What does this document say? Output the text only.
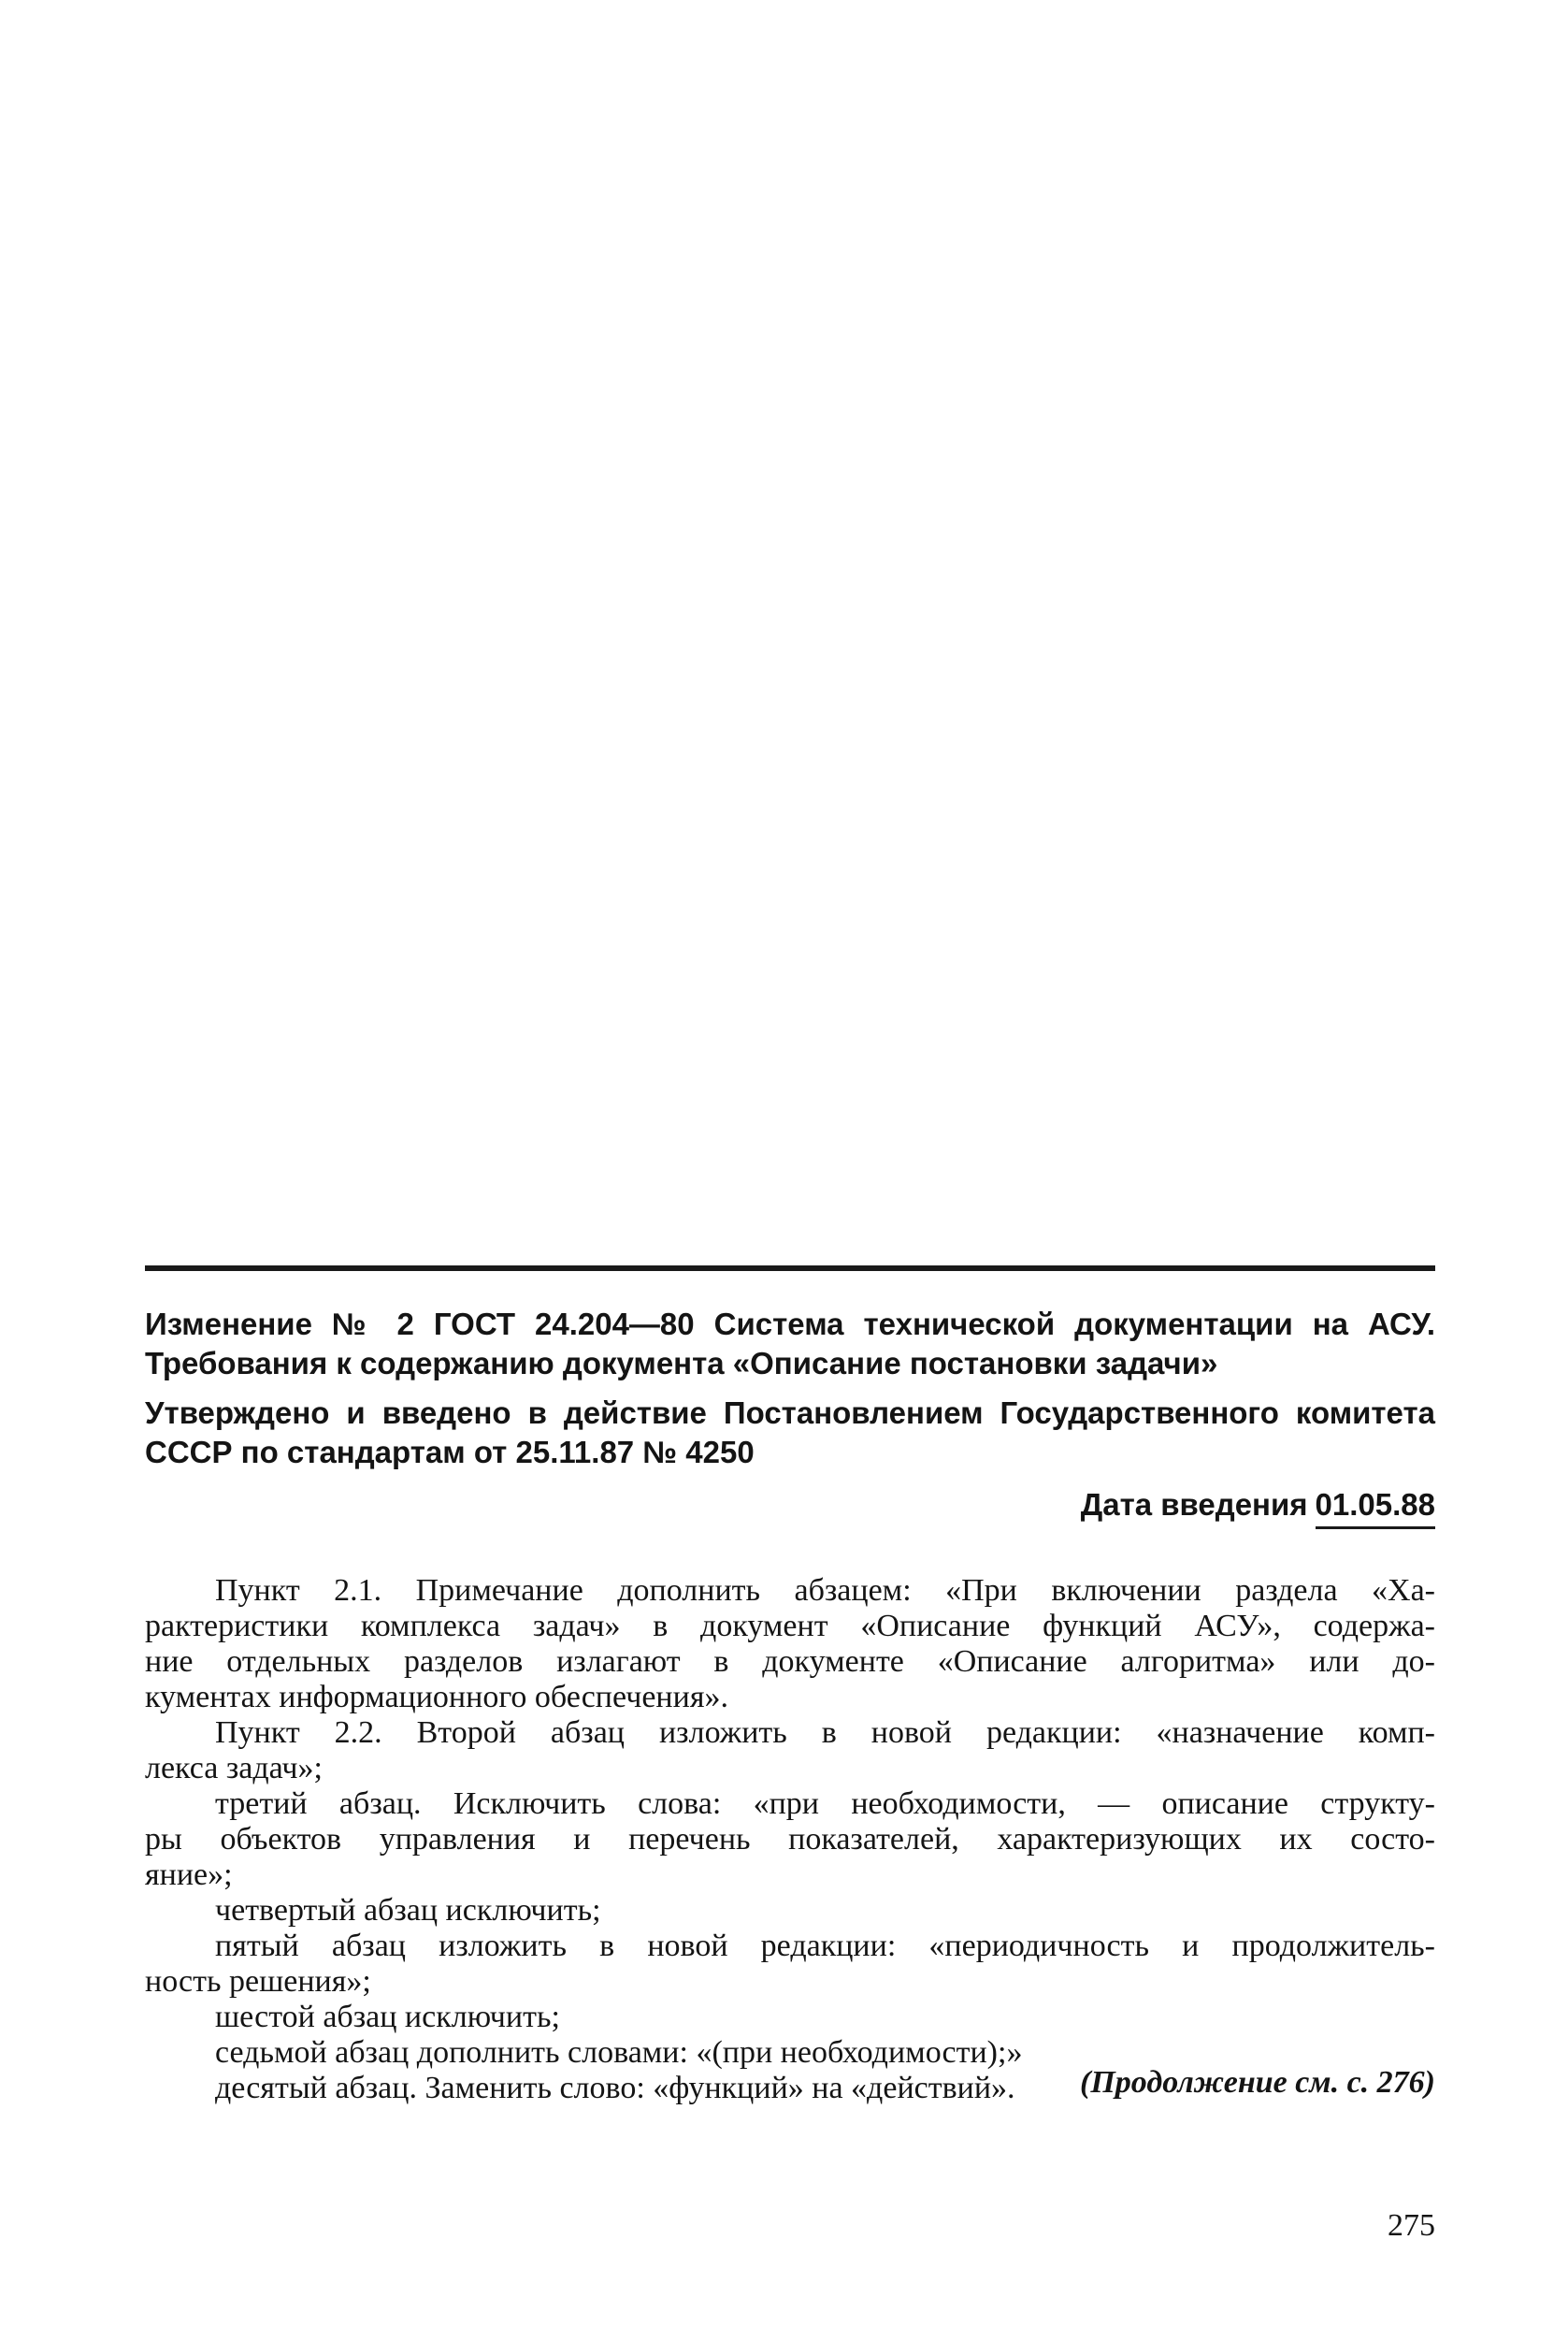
Изменение № 2 ГОСТ 24.204—80 Система технической документации на АСУ.
Требования к содержанию документа «Описание постановки задачи»
Утверждено и введено в действие Постановлением Государственного комитета
СССР по стандартам от 25.11.87 № 4250
Дата введения 01.05.88
Пункт 2.1. Примечание дополнить абзацем: «При включении раздела «Ха-
рактеристики комплекса задач» в документ «Описание функций АСУ», содержа-
ние отдельных разделов излагают в документе «Описание алгоритма» или до-
кументах информационного обеспечения».
Пункт 2.2. Второй абзац изложить в новой редакции: «назначение комп-
лекса задач»;
третий абзац. Исключить слова: «при необходимости, — описание структу-
ры объектов управления и перечень показателей, характеризующих их состо-
яние»;
четвертый абзац исключить;
пятый абзац изложить в новой редакции: «периодичность и продолжитель-
ность решения»;
шестой абзац исключить;
седьмой абзац дополнить словами: «(при необходимости);»
десятый абзац. Заменить слово: «функций» на «действий».	(Продолжение см. с. 276)
275
